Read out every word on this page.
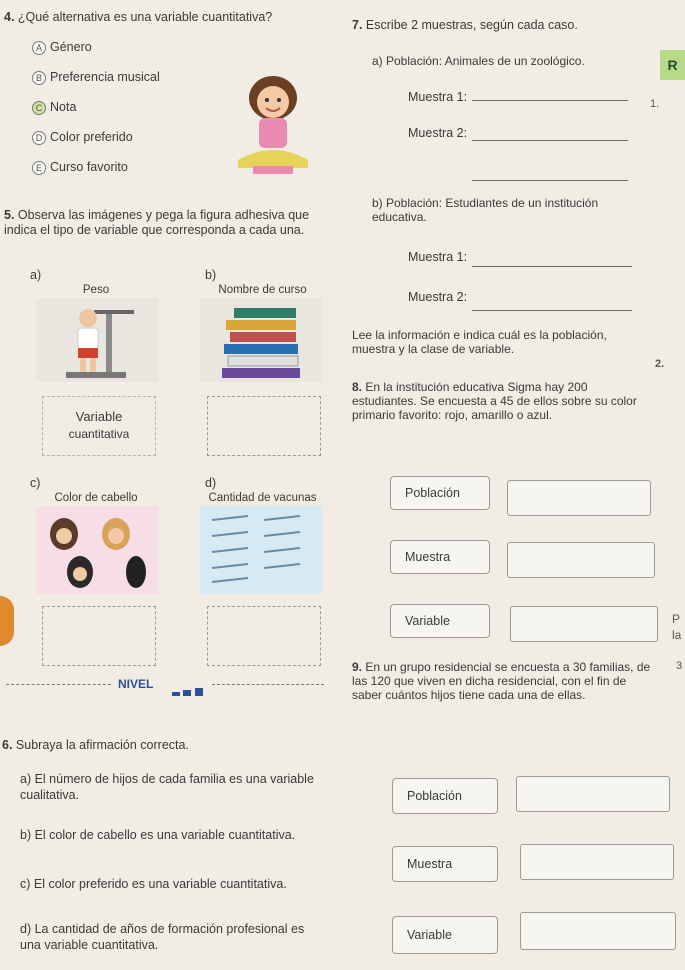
4. ¿Qué alternativa es una variable cuantitativa?
A Género
B Preferencia musical
C Nota
D Color preferido
E Curso favorito
5. Observa las imágenes y pega la figura adhesiva que indica el tipo de variable que corresponda a cada una.
a)
Peso
b)
Nombre de curso
Variable
cuantitativa
c)
Color de cabello
d)
Cantidad de vacunas
NIVEL

6. Subraya la afirmación correcta.
a) El número de hijos de cada familia es una variable cualitativa.
b) El color de cabello es una variable cuantitativa.
c) El color preferido es una variable cuantitativa.
d) La cantidad de años de formación profesional es una variable cuantitativa.
7. Escribe 2 muestras, según cada caso.
a) Población: Animales de un zoológico.
Muestra 1:
Muestra 2:
b) Población: Estudiantes de un institución educativa.
Muestra 1:
Muestra 2:
Lee la información e indica cuál es la población, muestra y la clase de variable.
8. En la institución educativa Sigma hay 200 estudiantes. Se encuesta a 45 de ellos sobre su color primario favorito: rojo, amarillo o azul.
Población
Muestra
Variable
9. En un grupo residencial se encuesta a 30 familias, de las 120 que viven en dicha residencial, con el fin de saber cuántos hijos tiene cada una de ellas.
Población
Muestra
Variable
R
1.
2.
P
la
3
